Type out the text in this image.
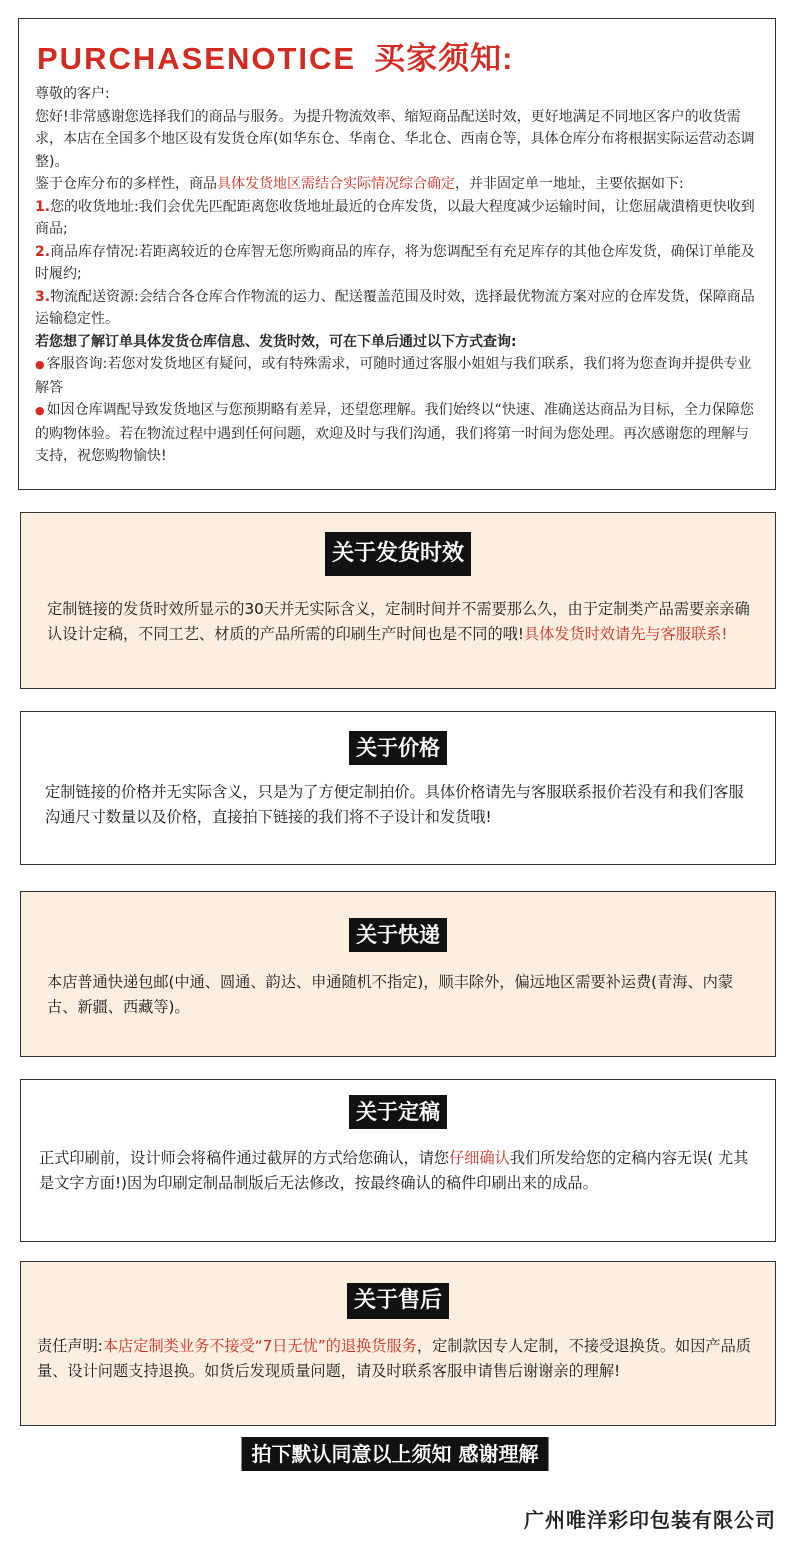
PURCHASENOTICE 买家须知:

尊敬的客户:

您好!非常感谢您选择我们的商品与服务。为提升物流效率、缩短商品配送时效，更好地满足不同地区客户的收货需求，本店在全国多个地区设有发货仓库(如华东仓、华南仓、华北仓、西南仓等，具体仓库分布将根据实际运营动态调整)。

鉴于仓库分布的多样性，商品具体发货地区需结合实际情况综合确定，并非固定单一地址，主要依据如下:

1.您的收货地址:我们会优先匹配距离您收货地址最近的仓库发货，以最大程度减少运输时间，让您屈歳潰楕更快收到商品;

2.商品库存情况:若距离较近的仓库智无您所购商品的库存，将为您调配至有充足库存的其他仓库发货，确保订单能及时履约;

3.物流配送资源:会结合各仓库合作物流的运力、配送覆盖范围及时效，选择最优物流方案对应的仓库发货，保障商品运输稳定性。

若您想了解订单具体发货仓库信息、发货时效，可在下单后通过以下方式查询:

● 客服咨询:若您对发货地区有疑问，或有特殊需求，可随时通过客服小姐姐与我们联系，我们将为您查询并提供专业解答

● 如因仓库调配导致发货地区与您预期略有差异，还望您理解。我们始终以“快速、准确送达商品为目标，全力保障您的购物体验。若在物流过程中遇到任何问题，欢迎及时与我们沟通，我们将第一时间为您处理。再次感谢您的理解与支持，祝您购物愉快!

关于发货时效
定制链接的发货时效所显示的30天并无实际含义，定制时间并不需要那么久，由于定制类产品需要亲亲确认设计定稿，不同工艺、材质的产品所需的印刷生产时间也是不同的哦!具体发货时效请先与客服联系!
关于价格
定制链接的价格并无实际含义，只是为了方便定制拍价。具体价格请先与客服联系报价若没有和我们客服沟通尺寸数量以及价格，直接拍下链接的我们将不子设计和发货哦!
关于快递
本店普通快递包邮(中通、圆通、韵达、申通随机不指定)，顺丰除外，偏远地区需要补运费(青海、内蒙古、新疆、西藏等)。
关于定稿
正式印刷前，设计师会将稿件通过截屏的方式给您确认，请您仔细确认我们所发给您的定稿内容无误( 尤其是文字方面!)因为印刷定制品制版后无法修改，按最终确认的稿件印刷出来的成品。
关于售后
责任声明:本店定制类业务不接受“7日无忧”的退换货服务，定制款因专人定制，不接受退换货。如因产品质量、设计问题支持退换。如货后发现质量问题，请及时联系客服申请售后谢谢亲的理解!
拍下默认同意以上须知 感谢理解
广州唯洋彩印包装有限公司
